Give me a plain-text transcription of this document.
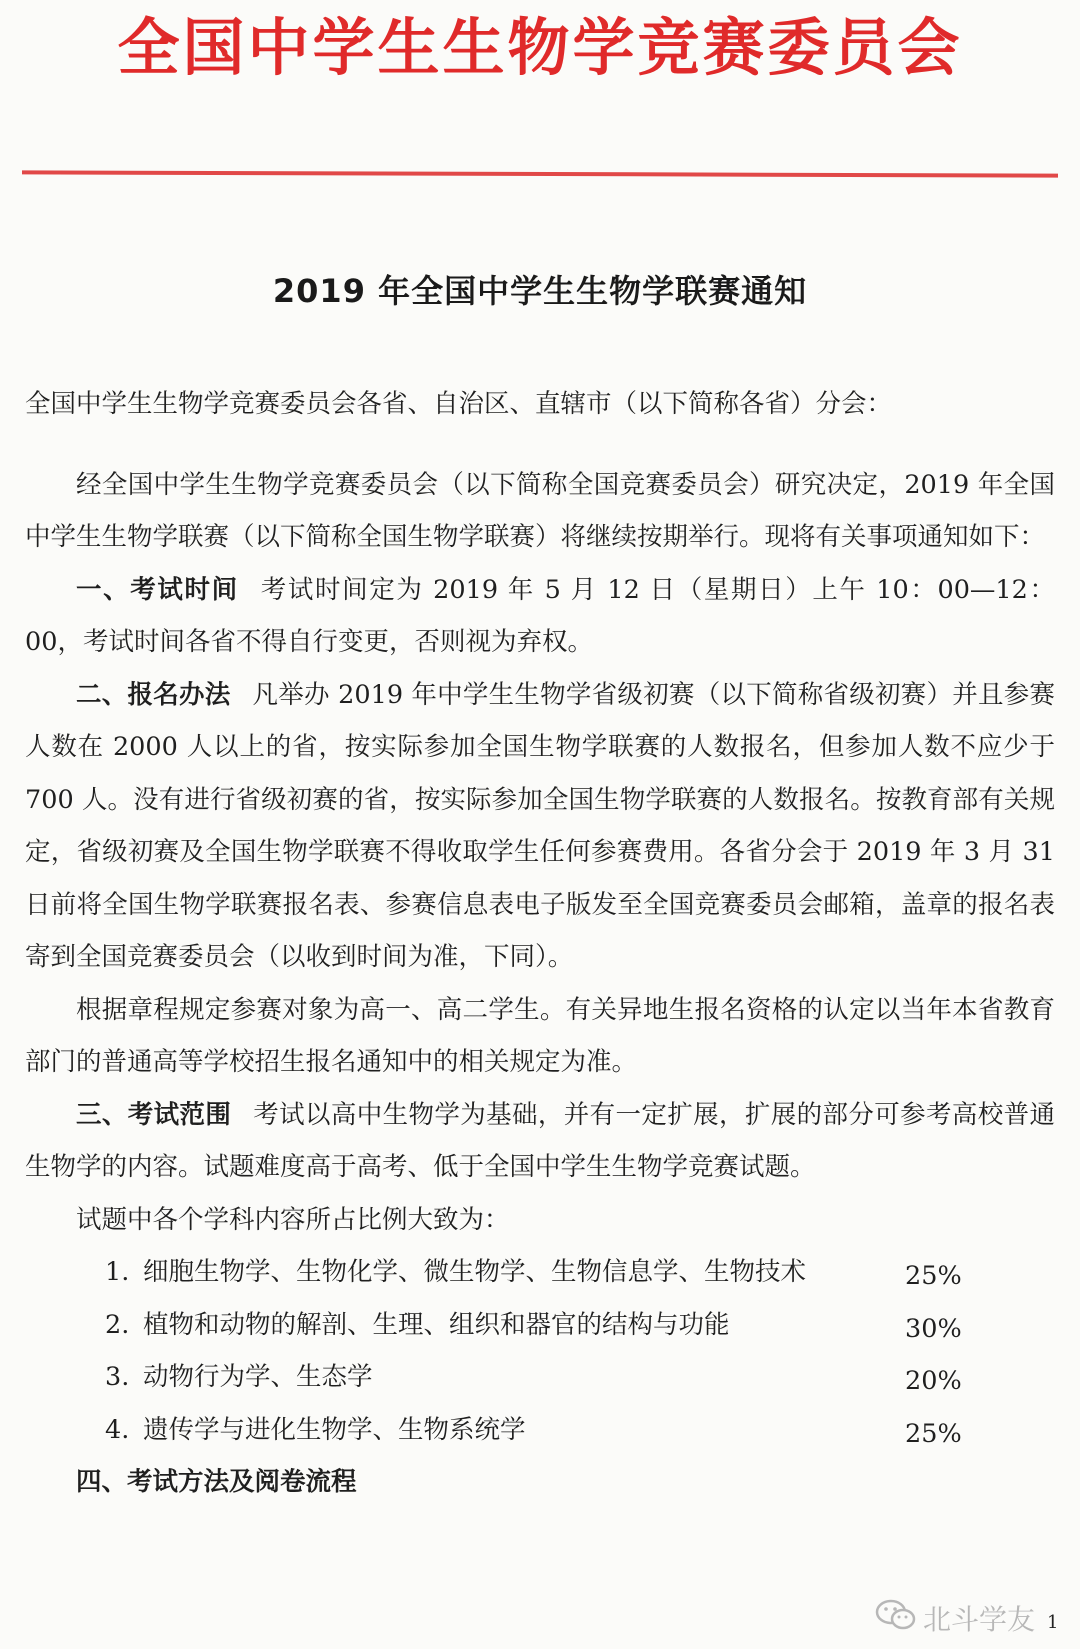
全国中学生生物学竞赛委员会
2019 年全国中学生生物学联赛通知

全国中学生生物学竞赛委员会各省、自治区、直辖市（以下简称各省）分会：

经全国中学生生物学竞赛委员会（以下简称全国竞赛委员会）研究决定，2019 年全国中学生生物学联赛（以下简称全国生物学联赛）将继续按期举行。现将有关事项通知如下：

一、考试时间 考试时间定为 2019 年 5 月 12 日（星期日）上午 10：00—12：00，考试时间各省不得自行变更，否则视为弃权。

二、报名办法 凡举办 2019 年中学生生物学省级初赛（以下简称省级初赛）并且参赛人数在 2000 人以上的省，按实际参加全国生物学联赛的人数报名，但参加人数不应少于 700 人。没有进行省级初赛的省，按实际参加全国生物学联赛的人数报名。按教育部有关规定，省级初赛及全国生物学联赛不得收取学生任何参赛费用。各省分会于 2019 年 3 月 31 日前将全国生物学联赛报名表、参赛信息表电子版发至全国竞赛委员会邮箱，盖章的报名表寄到全国竞赛委员会（以收到时间为准，下同）。

根据章程规定参赛对象为高一、高二学生。有关异地生报名资格的认定以当年本省教育部门的普通高等学校招生报名通知中的相关规定为准。

三、考试范围 考试以高中生物学为基础，并有一定扩展，扩展的部分可参考高校普通生物学的内容。试题难度高于高考、低于全国中学生生物学竞赛试题。

试题中各个学科内容所占比例大致为：

1. 细胞生物学、生物化学、微生物学、生物信息学、生物技术	25%
2. 植物和动物的解剖、生理、组织和器官的结构与功能	30%
3. 动物行为学、生态学	20%
4. 遗传学与进化生物学、生物系统学	25%

四、考试方法及阅卷流程

北斗学友 1
